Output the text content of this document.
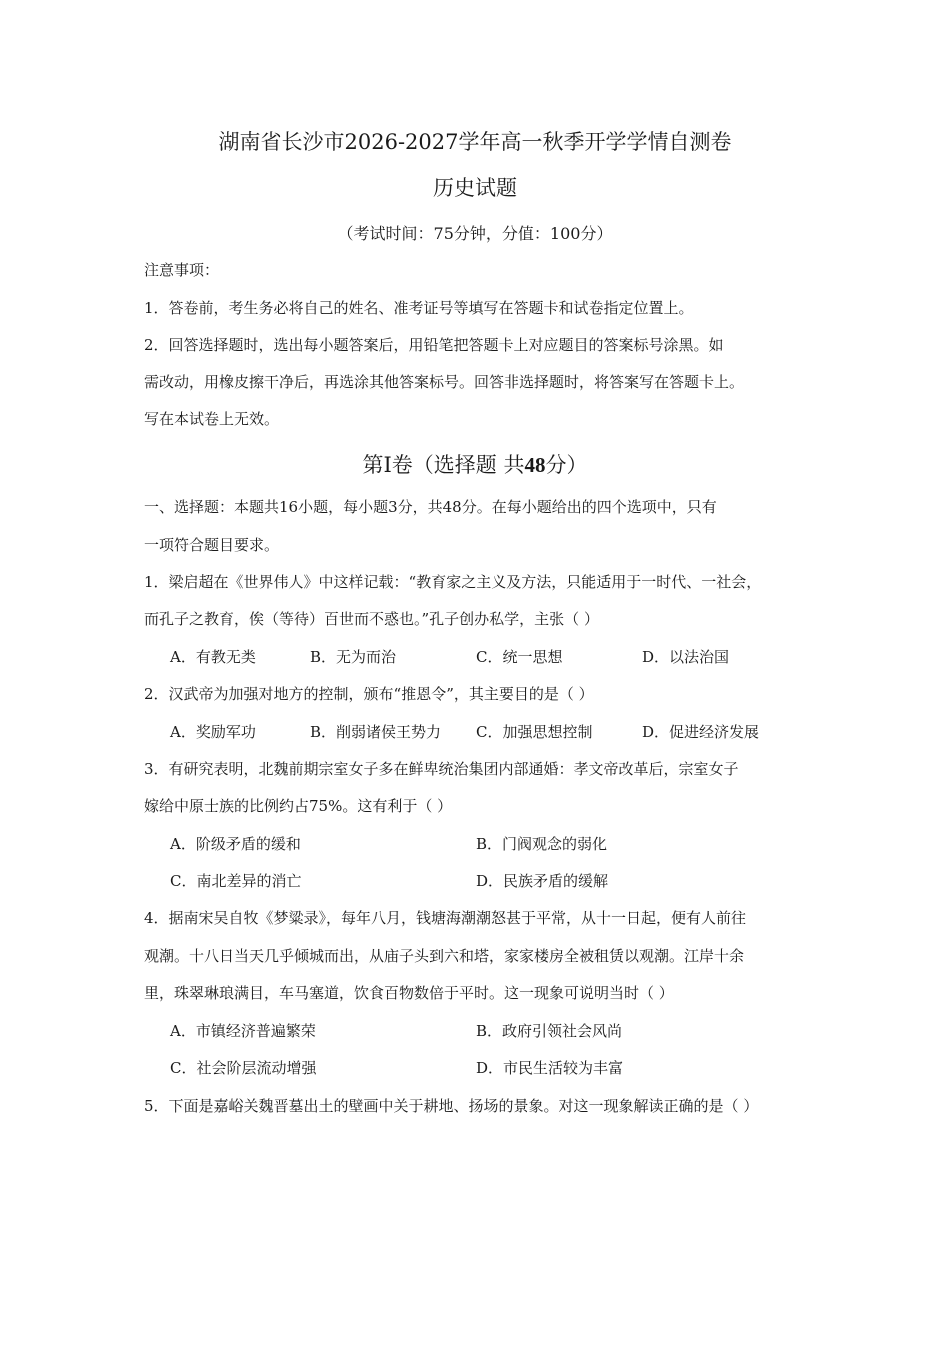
湖南省长沙市2026-2027学年高一秋季开学学情自测卷
历史试题
（考试时间：75分钟，分值：100分）
注意事项：
1．答卷前，考生务必将自己的姓名、准考证号等填写在答题卡和试卷指定位置上。
2．回答选择题时，选出每小题答案后，用铅笔把答题卡上对应题目的答案标号涂黑。如
需改动，用橡皮擦干净后，再选涂其他答案标号。回答非选择题时，将答案写在答题卡上。
写在本试卷上无效。
第Ⅰ卷（选择题 共48分）
一、选择题：本题共16小题，每小题3分，共48分。在每小题给出的四个选项中，只有
一项符合题目要求。
1．梁启超在《世界伟人》中这样记载：“教育家之主义及方法，只能适用于一时代、一社会，
而孔子之教育，俟（等待）百世而不惑也。”孔子创办私学，主张（ ）
A．有教无类	B．无为而治	C．统一思想	D．以法治国
2．汉武帝为加强对地方的控制，颁布“推恩令”，其主要目的是（ ）
A．奖励军功	B．削弱诸侯王势力 C．加强思想控制	D．促进经济发展
3．有研究表明，北魏前期宗室女子多在鲜卑统治集团内部通婚：孝文帝改革后，宗室女子
嫁给中原士族的比例约占75%。这有利于（ ）
A．阶级矛盾的缓和	B．门阀观念的弱化
C．南北差异的消亡	D．民族矛盾的缓解
4．据南宋吴自牧《梦粱录》，每年八月，钱塘海潮潮怒甚于平常，从十一日起，便有人前往
观潮。十八日当天几乎倾城而出，从庙子头到六和塔，家家楼房全被租赁以观潮。江岸十余
里，珠翠琳琅满目，车马塞道，饮食百物数倍于平时。这一现象可说明当时（ ）
A．市镇经济普遍繁荣	B．政府引领社会风尚
C．社会阶层流动增强	D．市民生活较为丰富
5．下面是嘉峪关魏晋墓出土的壁画中关于耕地、扬场的景象。对这一现象解读正确的是（ ）
